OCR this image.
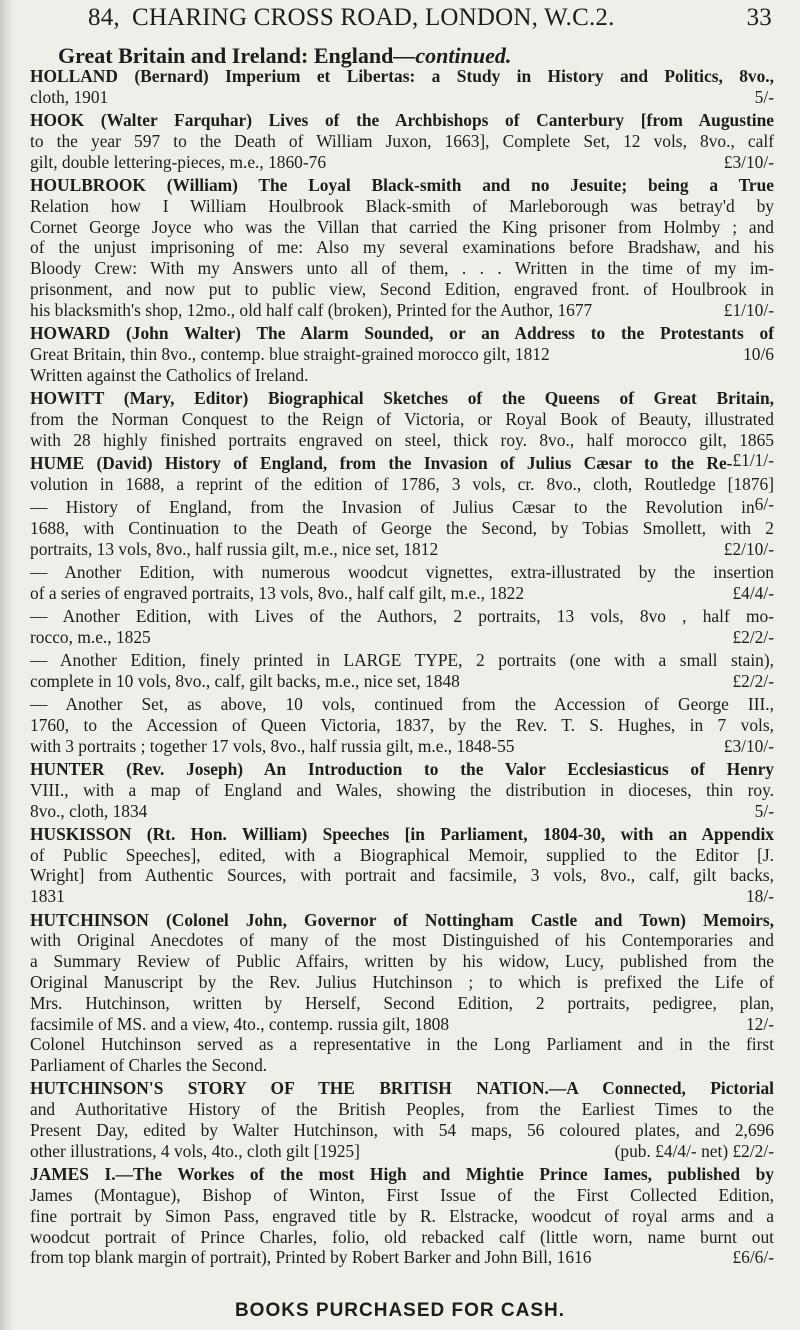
84, CHARING CROSS ROAD, LONDON, W.C.2.	33
Great Britain and Ireland: England—continued.
HOLLAND (Bernard) Imperium et Libertas: a Study in History and Politics, 8vo.,
5/-
cloth, 1901
HOOK (Walter Farquhar) Lives of the Archbishops of Canterbury [from Augustine
to the year 597 to the Death of William Juxon, 1663], Complete Set, 12 vols, 8vo., calf
£3/10/-
gilt, double lettering-pieces, m.e., 1860-76
HOULBROOK (William) The Loyal Black-smith and no Jesuite; being a True
Relation how I William Houlbrook Black-smith of Marleborough was betray'd by
Cornet George Joyce who was the Villan that carried the King prisoner from Holmby ; and
of the unjust imprisoning of me: Also my several examinations before Bradshaw, and his
Bloody Crew: With my Answers unto all of them, . . . Written in the time of my im-
prisonment, and now put to public view, Second Edition, engraved front. of Houlbrook in
£1/10/-
his blacksmith's shop, 12mo., old half calf (broken), Printed for the Author, 1677
HOWARD (John Walter) The Alarm Sounded, or an Address to the Protestants of
10/6
Great Britain, thin 8vo., contemp. blue straight-grained morocco gilt, 1812
Written against the Catholics of Ireland.
HOWITT (Mary, Editor) Biographical Sketches of the Queens of Great Britain,
from the Norman Conquest to the Reign of Victoria, or Royal Book of Beauty, illustrated
with 28 highly finished portraits engraved on steel, thick roy. 8vo., half morocco gilt, 1865
£1/1/-
HUME (David) History of England, from the Invasion of Julius Cæsar to the Re-
volution in 1688, a reprint of the edition of 1786, 3 vols, cr. 8vo., cloth, Routledge [1876]
6/-
— History of England, from the Invasion of Julius Cæsar to the Revolution in
1688, with Continuation to the Death of George the Second, by Tobias Smollett, with 2
£2/10/-
portraits, 13 vols, 8vo., half russia gilt, m.e., nice set, 1812
— Another Edition, with numerous woodcut vignettes, extra-illustrated by the insertion
£4/4/-
of a series of engraved portraits, 13 vols, 8vo., half calf gilt, m.e., 1822
— Another Edition, with Lives of the Authors, 2 portraits, 13 vols, 8vo , half mo-
£2/2/-
rocco, m.e., 1825
— Another Edition, finely printed in LARGE TYPE, 2 portraits (one with a small stain),
£2/2/-
complete in 10 vols, 8vo., calf, gilt backs, m.e., nice set, 1848
— Another Set, as above, 10 vols, continued from the Accession of George III.,
1760, to the Accession of Queen Victoria, 1837, by the Rev. T. S. Hughes, in 7 vols,
£3/10/-
with 3 portraits ; together 17 vols, 8vo., half russia gilt, m.e., 1848-55
HUNTER (Rev. Joseph) An Introduction to the Valor Ecclesiasticus of Henry
VIII., with a map of England and Wales, showing the distribution in dioceses, thin roy.
5/-
8vo., cloth, 1834
HUSKISSON (Rt. Hon. William) Speeches [in Parliament, 1804-30, with an Appendix
of Public Speeches], edited, with a Biographical Memoir, supplied to the Editor [J.
Wright] from Authentic Sources, with portrait and facsimile, 3 vols, 8vo., calf, gilt backs,
18/-
1831
HUTCHINSON (Colonel John, Governor of Nottingham Castle and Town) Memoirs,
with Original Anecdotes of many of the most Distinguished of his Contemporaries and
a Summary Review of Public Affairs, written by his widow, Lucy, published from the
Original Manuscript by the Rev. Julius Hutchinson ; to which is prefixed the Life of
Mrs. Hutchinson, written by Herself, Second Edition, 2 portraits, pedigree, plan,
12/-
facsimile of MS. and a view, 4to., contemp. russia gilt, 1808
Colonel Hutchinson served as a representative in the Long Parliament and in the first
Parliament of Charles the Second.
HUTCHINSON'S STORY OF THE BRITISH NATION.—A Connected, Pictorial
and Authoritative History of the British Peoples, from the Earliest Times to the
Present Day, edited by Walter Hutchinson, with 54 maps, 56 coloured plates, and 2,696
(pub. £4/4/- net) £2/2/-
other illustrations, 4 vols, 4to., cloth gilt [1925]
JAMES I.—The Workes of the most High and Mightie Prince Iames, published by
James (Montague), Bishop of Winton, First Issue of the First Collected Edition,
fine portrait by Simon Pass, engraved title by R. Elstracke, woodcut of royal arms and a
woodcut portrait of Prince Charles, folio, old rebacked calf (little worn, name burnt out
£6/6/-
from top blank margin of portrait), Printed by Robert Barker and John Bill, 1616
BOOKS PURCHASED FOR CASH.
